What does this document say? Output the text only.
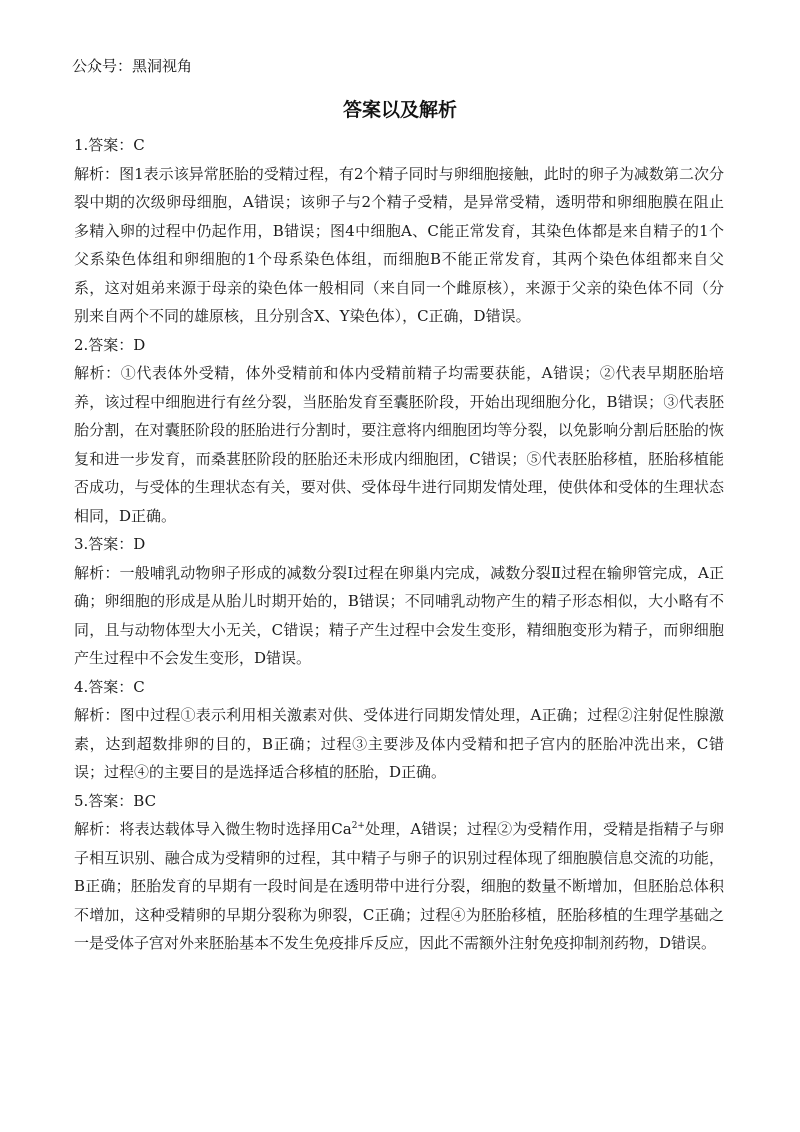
公众号：黑洞视角
答案以及解析

1.答案：C

解析：图1表示该异常胚胎的受精过程，有2个精子同时与卵细胞接触，此时的卵子为减数第二次分裂中期的次级卵母细胞，A错误；该卵子与2个精子受精，是异常受精，透明带和卵细胞膜在阻止多精入卵的过程中仍起作用，B错误；图4中细胞A、C能正常发育，其染色体都是来自精子的1个父系染色体组和卵细胞的1个母系染色体组，而细胞B不能正常发育，其两个染色体组都来自父系，这对姐弟来源于母亲的染色体一般相同（来自同一个雌原核），来源于父亲的染色体不同（分别来自两个不同的雄原核，且分别含X、Y染色体），C正确，D错误。

2.答案：D

解析：①代表体外受精，体外受精前和体内受精前精子均需要获能，A错误；②代表早期胚胎培养，该过程中细胞进行有丝分裂，当胚胎发育至囊胚阶段，开始出现细胞分化，B错误；③代表胚胎分割，在对囊胚阶段的胚胎进行分割时，要注意将内细胞团均等分裂，以免影响分割后胚胎的恢复和进一步发育，而桑葚胚阶段的胚胎还未形成内细胞团，C错误；⑤代表胚胎移植，胚胎移植能否成功，与受体的生理状态有关，要对供、受体母牛进行同期发情处理，使供体和受体的生理状态相同，D正确。

3.答案：D

解析：一般哺乳动物卵子形成的减数分裂Ⅰ过程在卵巢内完成，减数分裂Ⅱ过程在输卵管完成，A正确；卵细胞的形成是从胎儿时期开始的，B错误；不同哺乳动物产生的精子形态相似，大小略有不同，且与动物体型大小无关，C错误；精子产生过程中会发生变形，精细胞变形为精子，而卵细胞产生过程中不会发生变形，D错误。

4.答案：C

解析：图中过程①表示利用相关激素对供、受体进行同期发情处理，A正确；过程②注射促性腺激素，达到超数排卵的目的，B正确；过程③主要涉及体内受精和把子宫内的胚胎冲洗出来，C错误；过程④的主要目的是选择适合移植的胚胎，D正确。

5.答案：BC

解析：将表达载体导入微生物时选择用$Ca^{2+}$处理，A错误；过程②为受精作用，受精是指精子与卵子相互识别、融合成为受精卵的过程，其中精子与卵子的识别过程体现了细胞膜信息交流的功能，B正确；胚胎发育的早期有一段时间是在透明带中进行分裂，细胞的数量不断增加，但胚胎总体积不增加，这种受精卵的早期分裂称为卵裂，C正确；过程④为胚胎移植，胚胎移植的生理学基础之一是受体子宫对外来胚胎基本不发生免疫排斥反应，因此不需额外注射免疫抑制剂药物，D错误。
